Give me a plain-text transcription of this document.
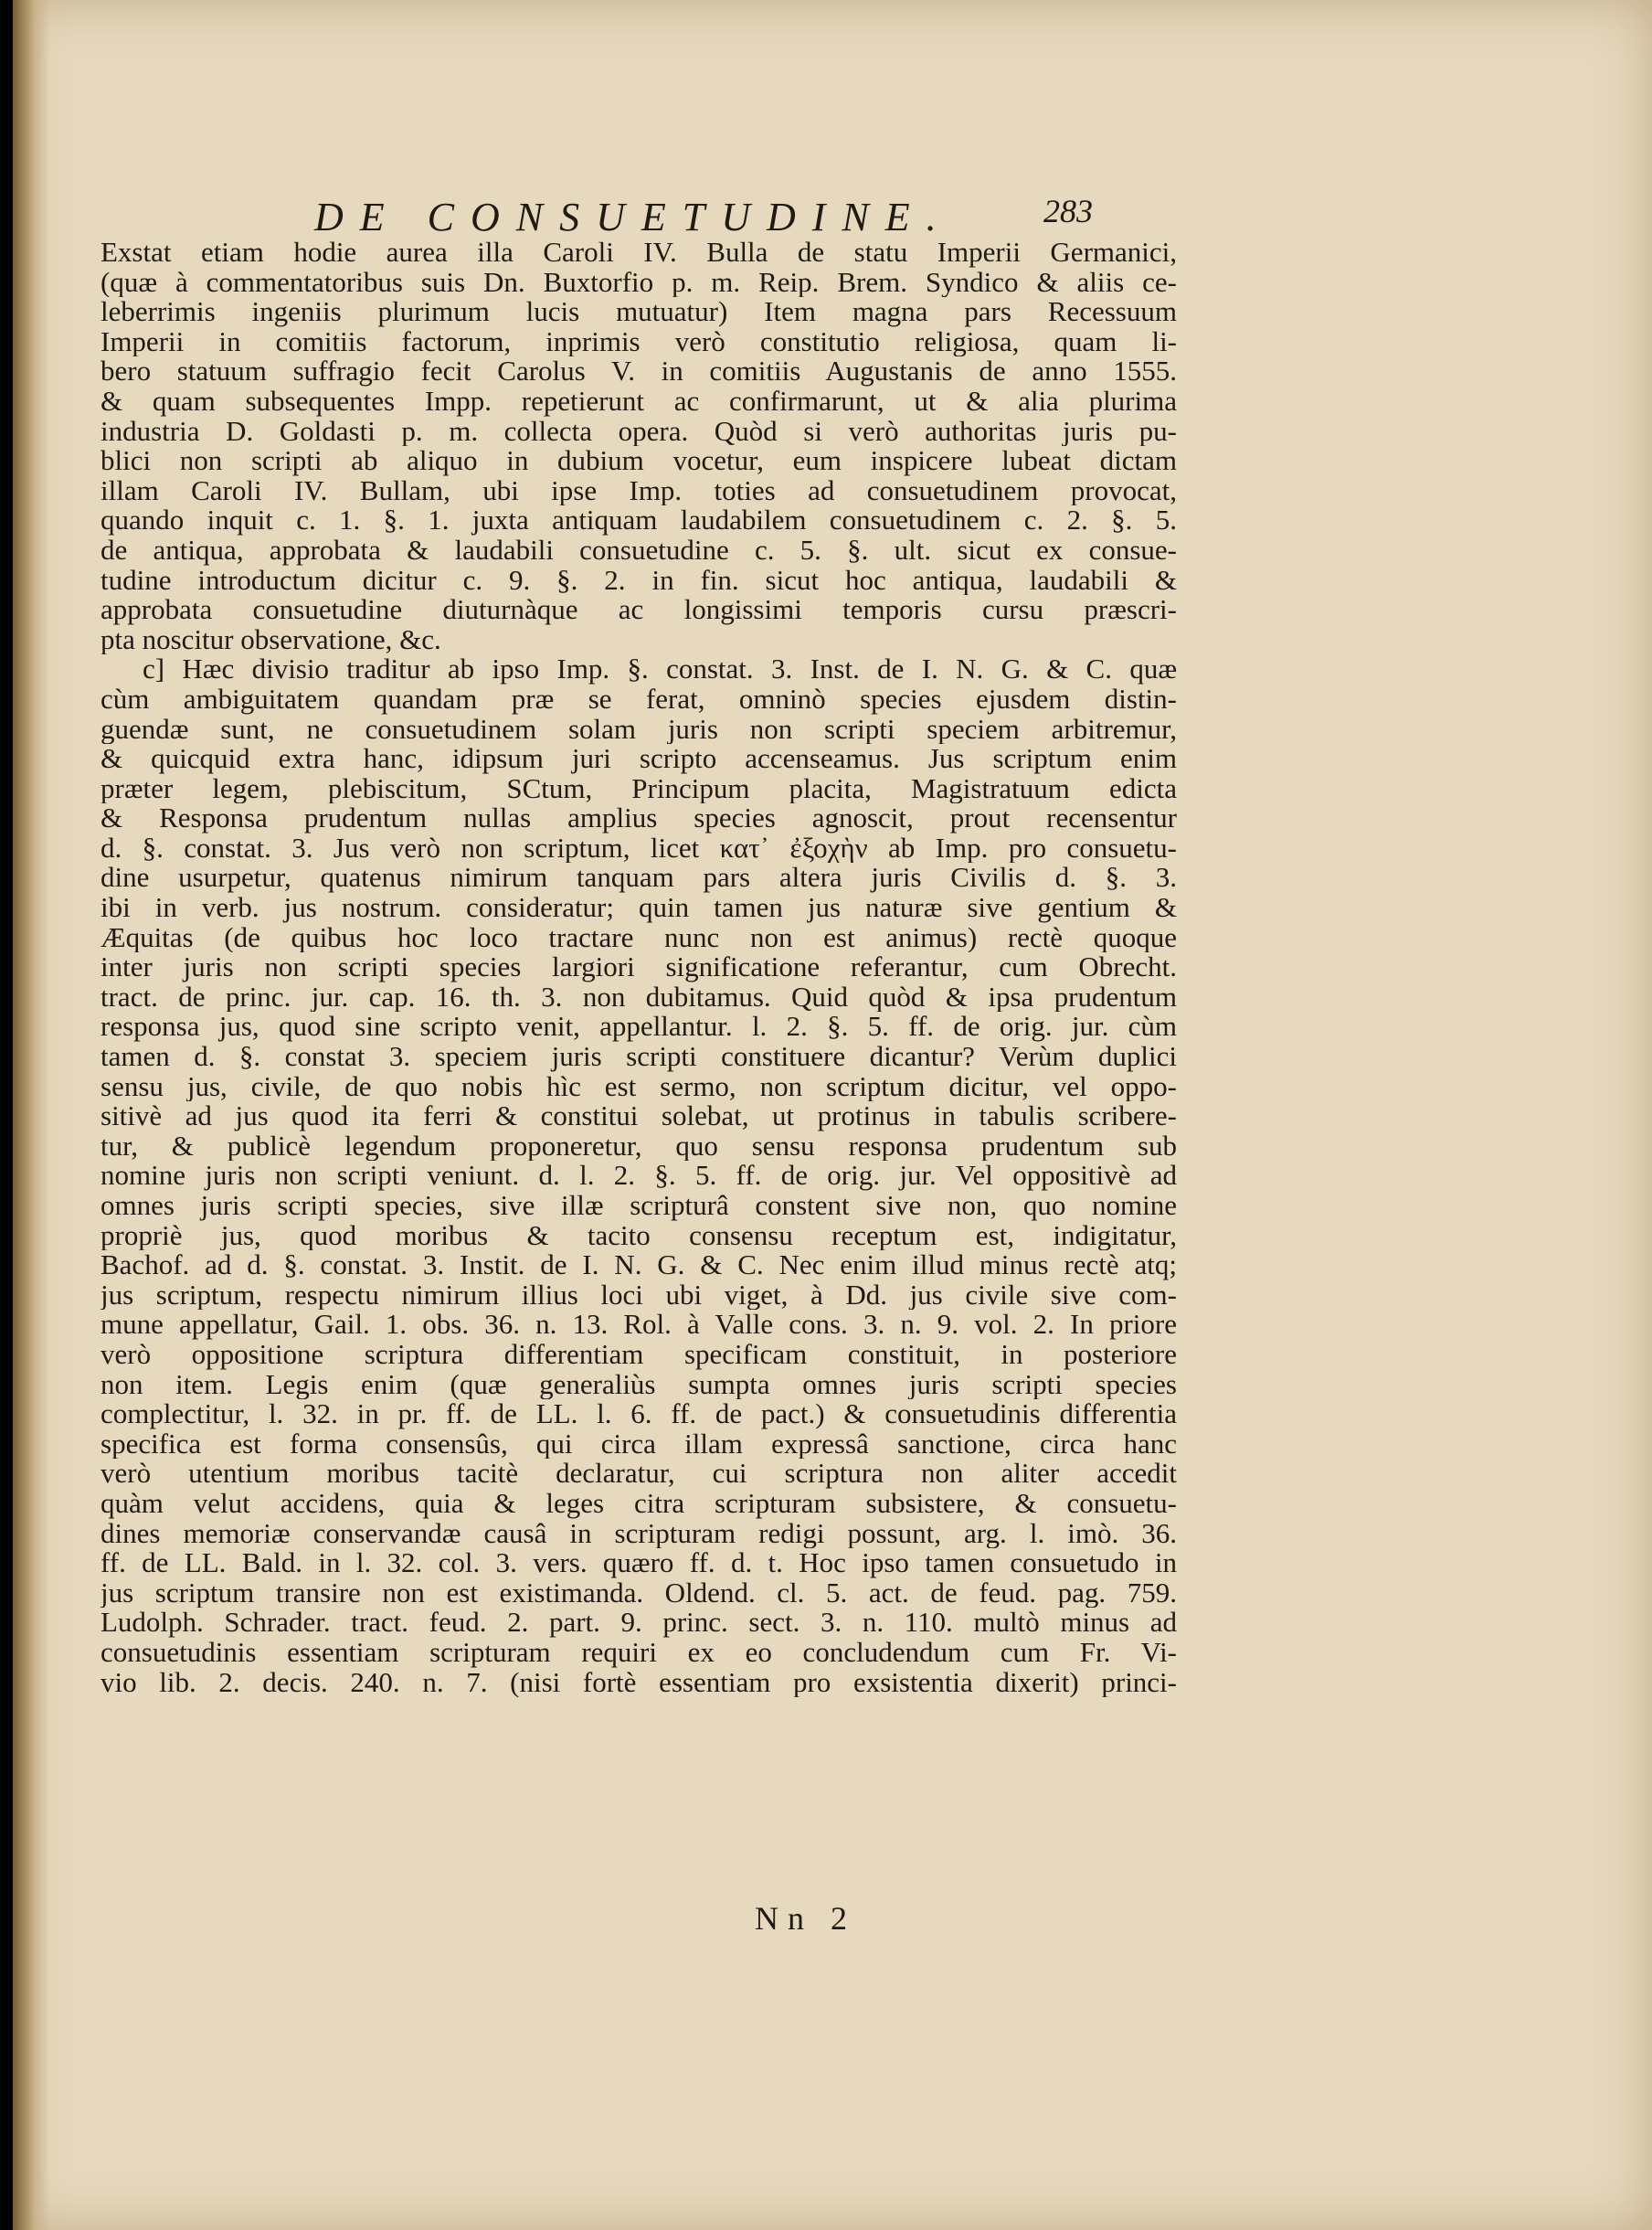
DE CONSUETUDINE.	283
Exstat etiam hodie aurea illa Caroli IV. Bulla de statu Imperii Germanici,
(quæ à commentatoribus suis Dn. Buxtorfio p. m. Reip. Brem. Syndico & aliis ce-
leberrimis ingeniis plurimum lucis mutuatur) Item magna pars Recessuum
Imperii in comitiis factorum, inprimis verò constitutio religiosa, quam li-
bero statuum suffragio fecit Carolus V. in comitiis Augustanis de anno 1555.
& quam subsequentes Impp. repetierunt ac confirmarunt, ut & alia plurima
industria D. Goldasti p. m. collecta opera. Quòd si verò authoritas juris pu-
blici non scripti ab aliquo in dubium vocetur, eum inspicere lubeat dictam
illam Caroli IV. Bullam, ubi ipse Imp. toties ad consuetudinem provocat,
quando inquit c. 1. §. 1. juxta antiquam laudabilem consuetudinem c. 2. §. 5.
de antiqua, approbata & laudabili consuetudine c. 5. §. ult. sicut ex consue-
tudine introductum dicitur c. 9. §. 2. in fin. sicut hoc antiqua, laudabili &
approbata consuetudine diuturnàque ac longissimi temporis cursu præscri-
pta noscitur observatione, &c.
c] Hæc divisio traditur ab ipso Imp. §. constat. 3. Inst. de I. N. G. & C. quæ
cùm ambiguitatem quandam præ se ferat, omninò species ejusdem distin-
guendæ sunt, ne consuetudinem solam juris non scripti speciem arbitremur,
& quicquid extra hanc, idipsum juri scripto accenseamus. Jus scriptum enim
præter legem, plebiscitum, SCtum, Principum placita, Magistratuum edicta
& Responsa prudentum nullas amplius species agnoscit, prout recensentur
d. §. constat. 3. Jus verò non scriptum, licet κατ᾽ ἐξοχὴν ab Imp. pro consuetu-
dine usurpetur, quatenus nimirum tanquam pars altera juris Civilis d. §. 3.
ibi in verb. jus nostrum. consideratur; quin tamen jus naturæ sive gentium &
Æquitas (de quibus hoc loco tractare nunc non est animus) rectè quoque
inter juris non scripti species largiori significatione referantur, cum Obrecht.
tract. de princ. jur. cap. 16. th. 3. non dubitamus. Quid quòd & ipsa prudentum
responsa jus, quod sine scripto venit, appellantur. l. 2. §. 5. ff. de orig. jur. cùm
tamen d. §. constat 3. speciem juris scripti constituere dicantur? Verùm duplici
sensu jus, civile, de quo nobis hìc est sermo, non scriptum dicitur, vel oppo-
sitivè ad jus quod ita ferri & constitui solebat, ut protinus in tabulis scribere-
tur, & publicè legendum proponeretur, quo sensu responsa prudentum sub
nomine juris non scripti veniunt. d. l. 2. §. 5. ff. de orig. jur. Vel oppositivè ad
omnes juris scripti species, sive illæ scripturâ constent sive non, quo nomine
propriè jus, quod moribus & tacito consensu receptum est, indigitatur,
Bachof. ad d. §. constat. 3. Instit. de I. N. G. & C. Nec enim illud minus rectè atq;
jus scriptum, respectu nimirum illius loci ubi viget, à Dd. jus civile sive com-
mune appellatur, Gail. 1. obs. 36. n. 13. Rol. à Valle cons. 3. n. 9. vol. 2. In priore
verò oppositione scriptura differentiam specificam constituit, in posteriore
non item. Legis enim (quæ generaliùs sumpta omnes juris scripti species
complectitur, l. 32. in pr. ff. de LL. l. 6. ff. de pact.) & consuetudinis differentia
specifica est forma consensûs, qui circa illam expressâ sanctione, circa hanc
verò utentium moribus tacitè declaratur, cui scriptura non aliter accedit
quàm velut accidens, quia & leges citra scripturam subsistere, & consuetu-
dines memoriæ conservandæ causâ in scripturam redigi possunt, arg. l. imò. 36.
ff. de LL. Bald. in l. 32. col. 3. vers. quæro ff. d. t. Hoc ipso tamen consuetudo in
jus scriptum transire non est existimanda. Oldend. cl. 5. act. de feud. pag. 759.
Ludolph. Schrader. tract. feud. 2. part. 9. princ. sect. 3. n. 110. multò minus ad
consuetudinis essentiam scripturam requiri ex eo concludendum cum Fr. Vi-
vio lib. 2. decis. 240. n. 7. (nisi fortè essentiam pro exsistentia dixerit) princi-
Nn 2
